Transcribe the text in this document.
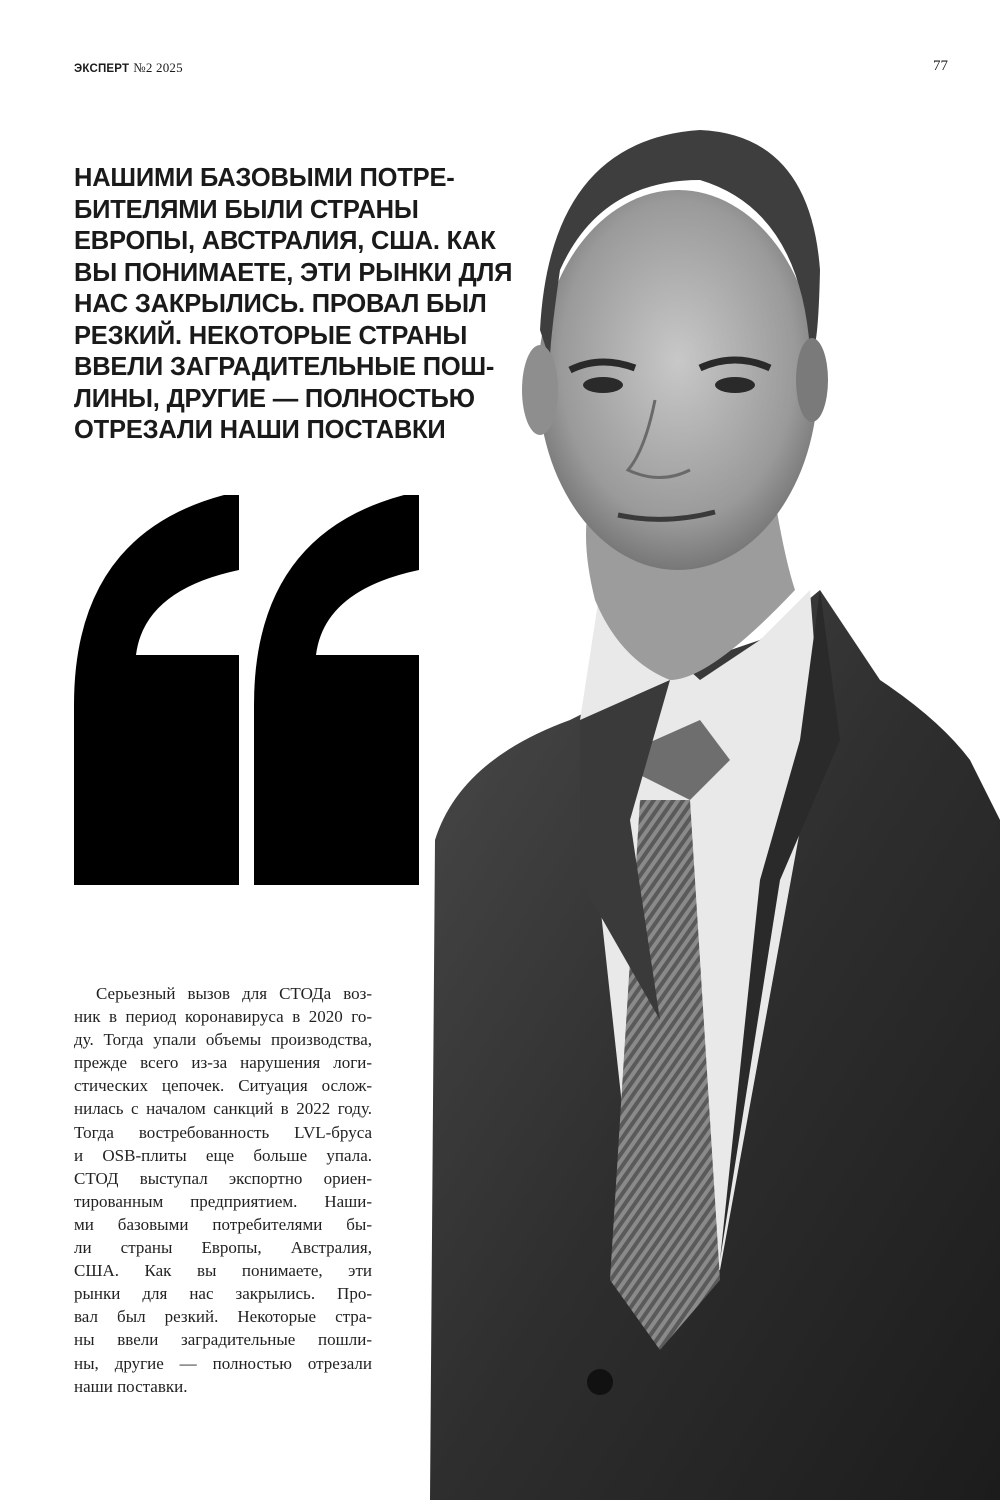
ЭКСПЕРТ №2 2025	77
НАШИМИ БАЗОВЫМИ ПОТРЕ-
БИТЕЛЯМИ БЫЛИ СТРАНЫ
ЕВРОПЫ, АВСТРАЛИЯ, США. КАК
ВЫ ПОНИМАЕТЕ, ЭТИ РЫНКИ ДЛЯ
НАС ЗАКРЫЛИСЬ. ПРОВАЛ БЫЛ
РЕЗКИЙ. НЕКОТОРЫЕ СТРАНЫ
ВВЕЛИ ЗАГРАДИТЕЛЬНЫЕ ПОШ-
ЛИНЫ, ДРУГИЕ — ПОЛНОСТЬЮ
ОТРЕЗАЛИ НАШИ ПОСТАВКИ
Серьезный вызов для СТОДа воз-
ник в период коронавируса в 2020 го-
ду. Тогда упали объемы производства,
прежде всего из-за нарушения логи-
стических цепочек. Ситуация ослож-
нилась с началом санкций в 2022 году.
Тогда востребованность LVL-бруса
и OSB-плиты еще больше упала.
СТОД выступал экспортно ориен-
тированным предприятием. Наши-
ми базовыми потребителями бы-
ли страны Европы, Австралия,
США. Как вы понимаете, эти
рынки для нас закрылись. Про-
вал был резкий. Некоторые стра-
ны ввели заградительные пошли-
ны, другие — полностью отрезали
наши поставки.
